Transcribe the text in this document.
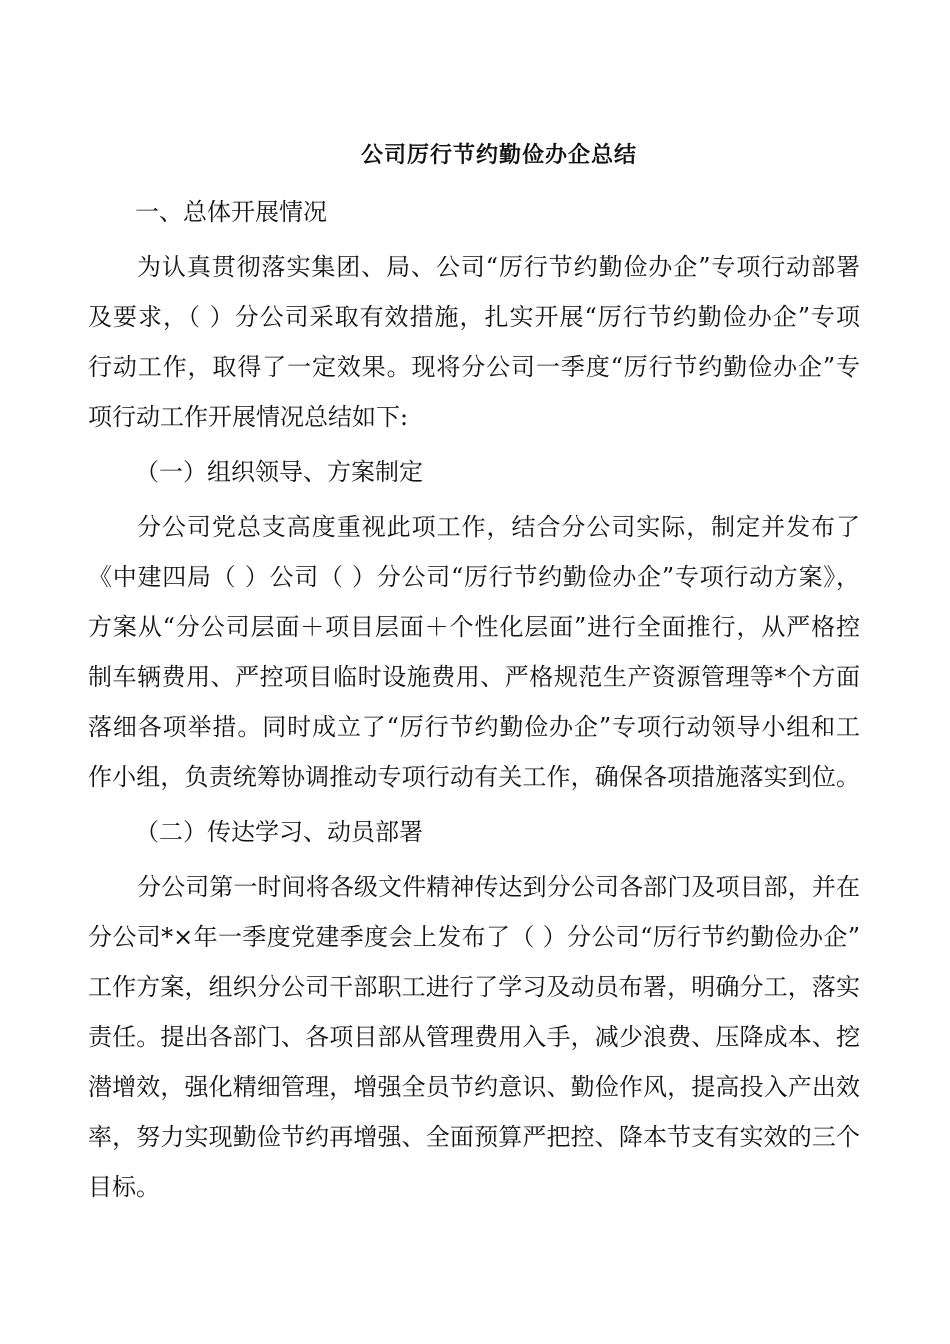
公司厉行节约勤俭办企总结
一、总体开展情况
为认真贯彻落实集团、局、公司“厉行节约勤俭办企”专项行动部署
及要求，（ ）分公司采取有效措施，扎实开展“厉行节约勤俭办企”专项
行动工作，取得了一定效果。现将分公司一季度“厉行节约勤俭办企”专
项行动工作开展情况总结如下:
（一）组织领导、方案制定
分公司党总支高度重视此项工作，结合分公司实际，制定并发布了
《中建四局（ ）公司（ ）分公司“厉行节约勤俭办企”专项行动方案》，
方案从“分公司层面＋项目层面＋个性化层面”进行全面推行，从严格控
制车辆费用、严控项目临时设施费用、严格规范生产资源管理等*个方面
落细各项举措。同时成立了“厉行节约勤俭办企”专项行动领导小组和工
作小组，负责统筹协调推动专项行动有关工作，确保各项措施落实到位。
（二）传达学习、动员部署
分公司第一时间将各级文件精神传达到分公司各部门及项目部，并在
分公司*×年一季度党建季度会上发布了（ ）分公司“厉行节约勤俭办企”
工作方案，组织分公司干部职工进行了学习及动员布署，明确分工，落实
责任。提出各部门、各项目部从管理费用入手，减少浪费、压降成本、挖
潜增效，强化精细管理，增强全员节约意识、勤俭作风，提高投入产出效
率，努力实现勤俭节约再增强、全面预算严把控、降本节支有实效的三个
目标。
